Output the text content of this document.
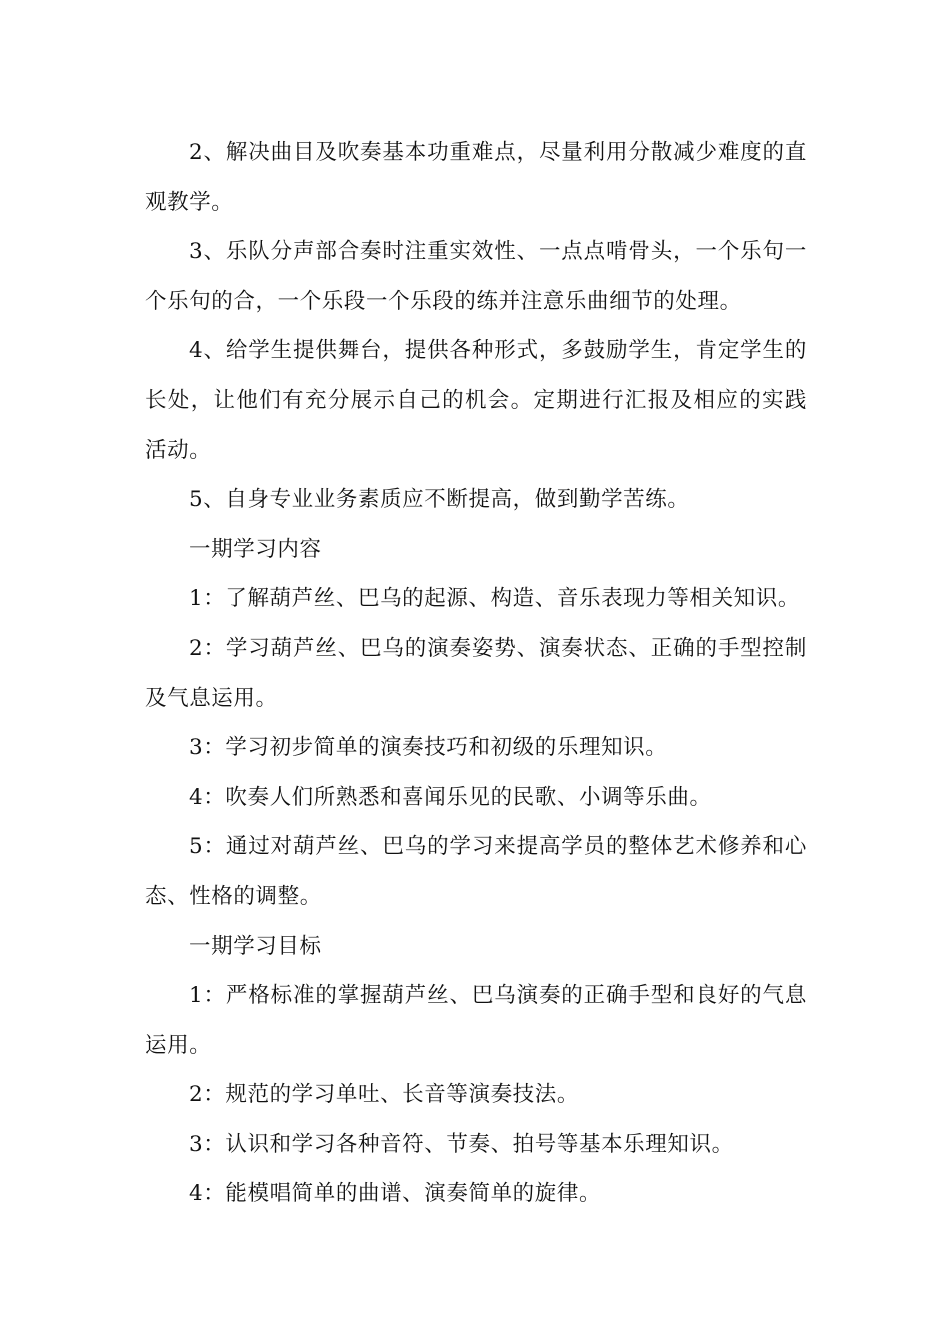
2、解决曲目及吹奏基本功重难点，尽量利用分散减少难度的直观教学。

3、乐队分声部合奏时注重实效性、一点点啃骨头，一个乐句一个乐句的合，一个乐段一个乐段的练并注意乐曲细节的处理。

4、给学生提供舞台，提供各种形式，多鼓励学生，肯定学生的长处，让他们有充分展示自己的机会。定期进行汇报及相应的实践活动。

5、自身专业业务素质应不断提高，做到勤学苦练。

一期学习内容

1：了解葫芦丝、巴乌的起源、构造、音乐表现力等相关知识。

2：学习葫芦丝、巴乌的演奏姿势、演奏状态、正确的手型控制及气息运用。

3：学习初步简单的演奏技巧和初级的乐理知识。

4：吹奏人们所熟悉和喜闻乐见的民歌、小调等乐曲。

5：通过对葫芦丝、巴乌的学习来提高学员的整体艺术修养和心态、性格的调整。

一期学习目标

1：严格标准的掌握葫芦丝、巴乌演奏的正确手型和良好的气息运用。

2：规范的学习单吐、长音等演奏技法。

3：认识和学习各种音符、节奏、拍号等基本乐理知识。

4：能模唱简单的曲谱、演奏简单的旋律。
